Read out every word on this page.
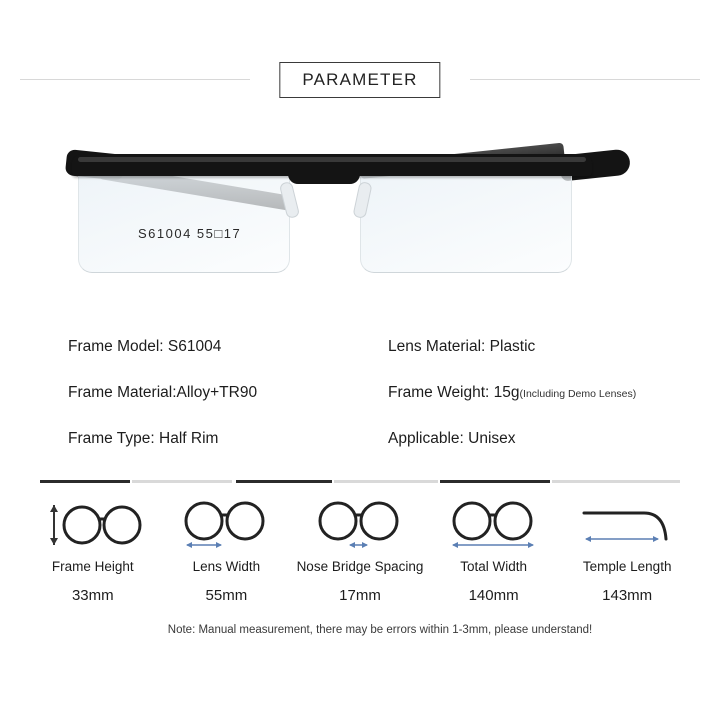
PARAMETER
S61004 55□17
Frame Model: S61004	Lens Material: Plastic
Frame Material:Alloy+TR90	Frame Weight: 15g(Including Demo Lenses)
Frame Type: Half Rim	Applicable: Unisex
Frame Height
33mm
Lens Width
55mm
Nose Bridge Spacing
17mm
Total Width
140mm
Temple Length
143mm
Note: Manual measurement, there may be errors within 1-3mm, please understand!
